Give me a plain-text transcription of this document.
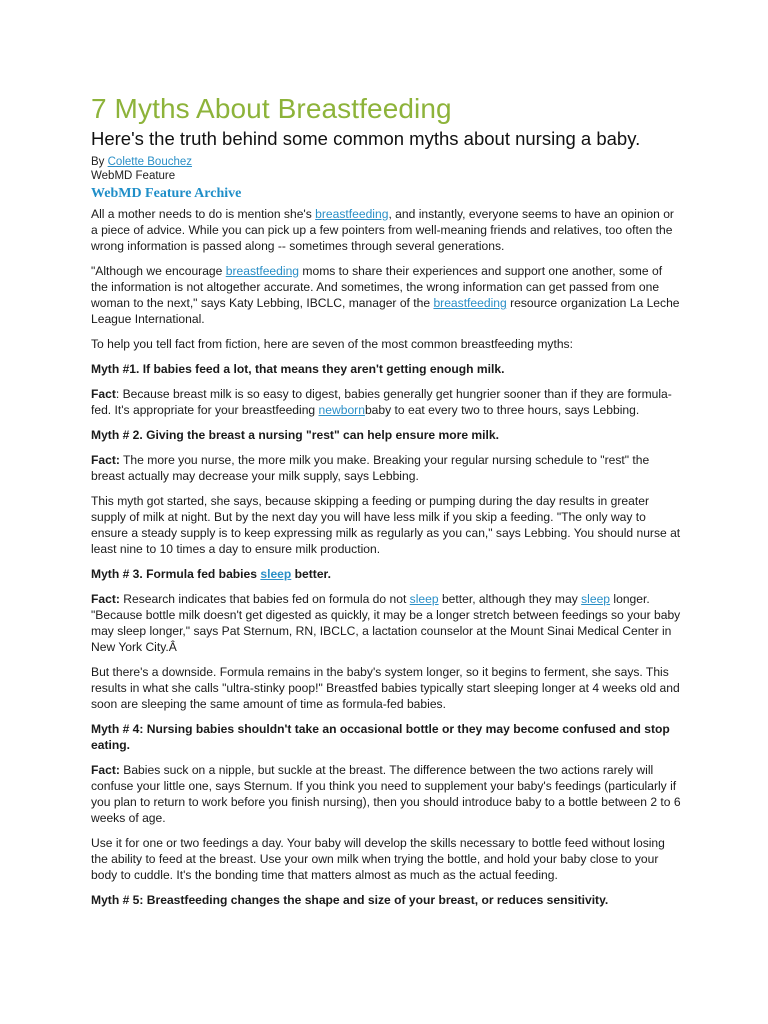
7 Myths About Breastfeeding
Here's the truth behind some common myths about nursing a baby.
By Colette Bouchez
WebMD Feature
WebMD Feature Archive

All a mother needs to do is mention she's breastfeeding, and instantly, everyone seems to have an opinion or a piece of advice. While you can pick up a few pointers from well-meaning friends and relatives, too often the wrong information is passed along -- sometimes through several generations.

"Although we encourage breastfeeding moms to share their experiences and support one another, some of the information is not altogether accurate. And sometimes, the wrong information can get passed from one woman to the next," says Katy Lebbing, IBCLC, manager of the breastfeeding resource organization La Leche League International.

To help you tell fact from fiction, here are seven of the most common breastfeeding myths:

Myth #1. If babies feed a lot, that means they aren't getting enough milk.

Fact: Because breast milk is so easy to digest, babies generally get hungrier sooner than if they are formula-fed. It's appropriate for your breastfeeding newbornbaby to eat every two to three hours, says Lebbing.

Myth # 2. Giving the breast a nursing "rest" can help ensure more milk.

Fact: The more you nurse, the more milk you make. Breaking your regular nursing schedule to "rest" the breast actually may decrease your milk supply, says Lebbing.

This myth got started, she says, because skipping a feeding or pumping during the day results in greater supply of milk at night. But by the next day you will have less milk if you skip a feeding. "The only way to ensure a steady supply is to keep expressing milk as regularly as you can," says Lebbing. You should nurse at least nine to 10 times a day to ensure milk production.

Myth # 3. Formula fed babies sleep better.

Fact: Research indicates that babies fed on formula do not sleep better, although they may sleep longer. "Because bottle milk doesn't get digested as quickly, it may be a longer stretch between feedings so your baby may sleep longer," says Pat Sternum, RN, IBCLC, a lactation counselor at the Mount Sinai Medical Center in New York City.Â

But there's a downside. Formula remains in the baby's system longer, so it begins to ferment, she says. This results in what she calls "ultra-stinky poop!" Breastfed babies typically start sleeping longer at 4 weeks old and soon are sleeping the same amount of time as formula-fed babies.

Myth # 4: Nursing babies shouldn't take an occasional bottle or they may become confused and stop eating.

Fact: Babies suck on a nipple, but suckle at the breast. The difference between the two actions rarely will confuse your little one, says Sternum. If you think you need to supplement your baby's feedings (particularly if you plan to return to work before you finish nursing), then you should introduce baby to a bottle between 2 to 6 weeks of age.

Use it for one or two feedings a day. Your baby will develop the skills necessary to bottle feed without losing the ability to feed at the breast. Use your own milk when trying the bottle, and hold your baby close to your body to cuddle. It's the bonding time that matters almost as much as the actual feeding.

Myth # 5: Breastfeeding changes the shape and size of your breast, or reduces sensitivity.
